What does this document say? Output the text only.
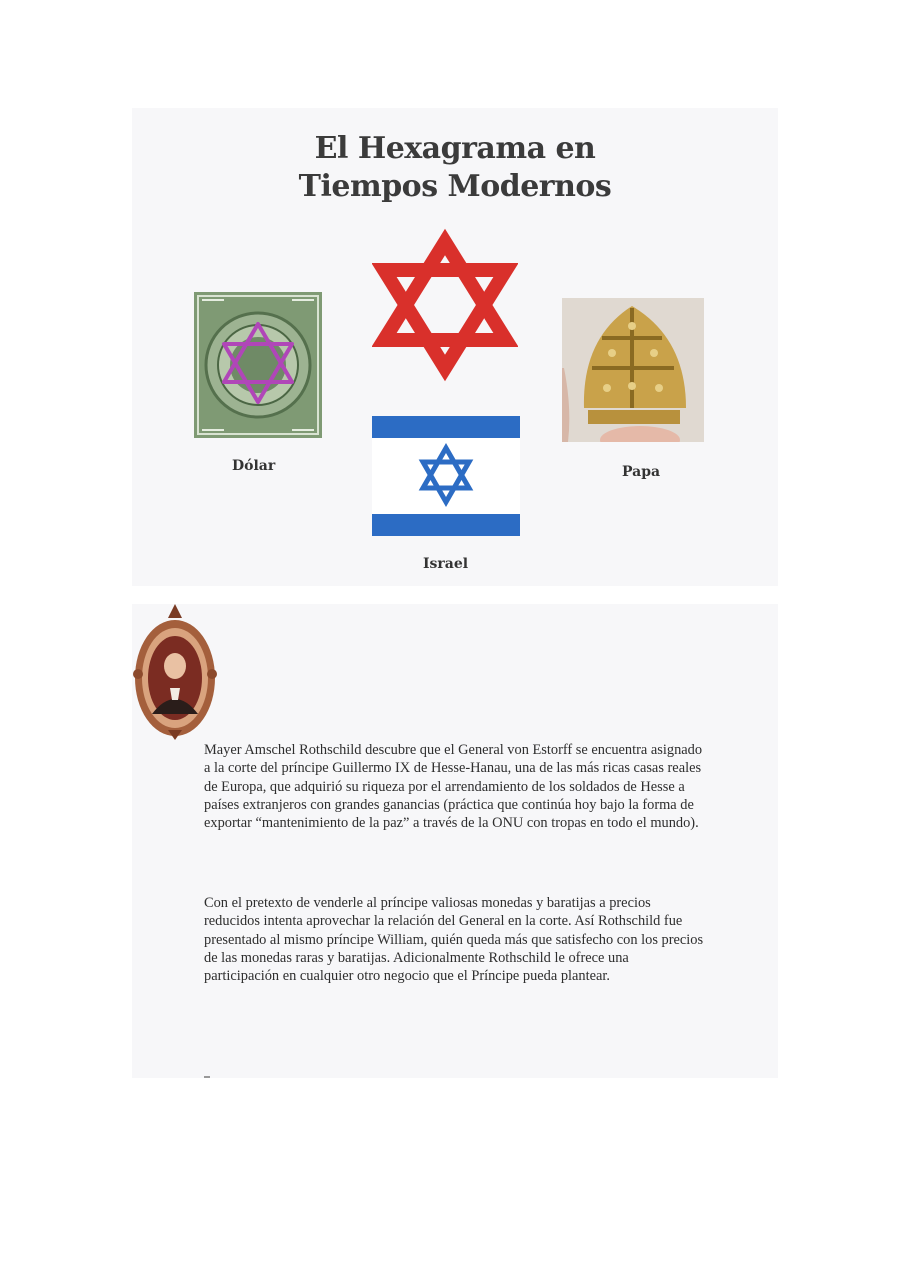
El Hexagrama en
Tiempos Modernos
Dólar
Israel
Papa

Mayer Amschel Rothschild descubre que el General von Estorff se encuentra asignado a la corte del príncipe Guillermo IX de Hesse-Hanau, una de las más ricas casas reales de Europa, que adquirió su riqueza por el arrendamiento de los soldados de Hesse a países extranjeros con grandes ganancias (práctica que continúa hoy bajo la forma de exportar “mantenimiento de la paz” a través de la ONU con tropas en todo el mundo).

Con el pretexto de venderle al príncipe valiosas monedas y baratijas a precios reducidos intenta aprovechar la relación del General en la corte. Así Rothschild fue presentado al mismo príncipe William, quién queda más que satisfecho con los precios de las monedas raras y baratijas. Adicionalmente Rothschild le ofrece una participación en cualquier otro negocio que el Príncipe pueda plantear.
